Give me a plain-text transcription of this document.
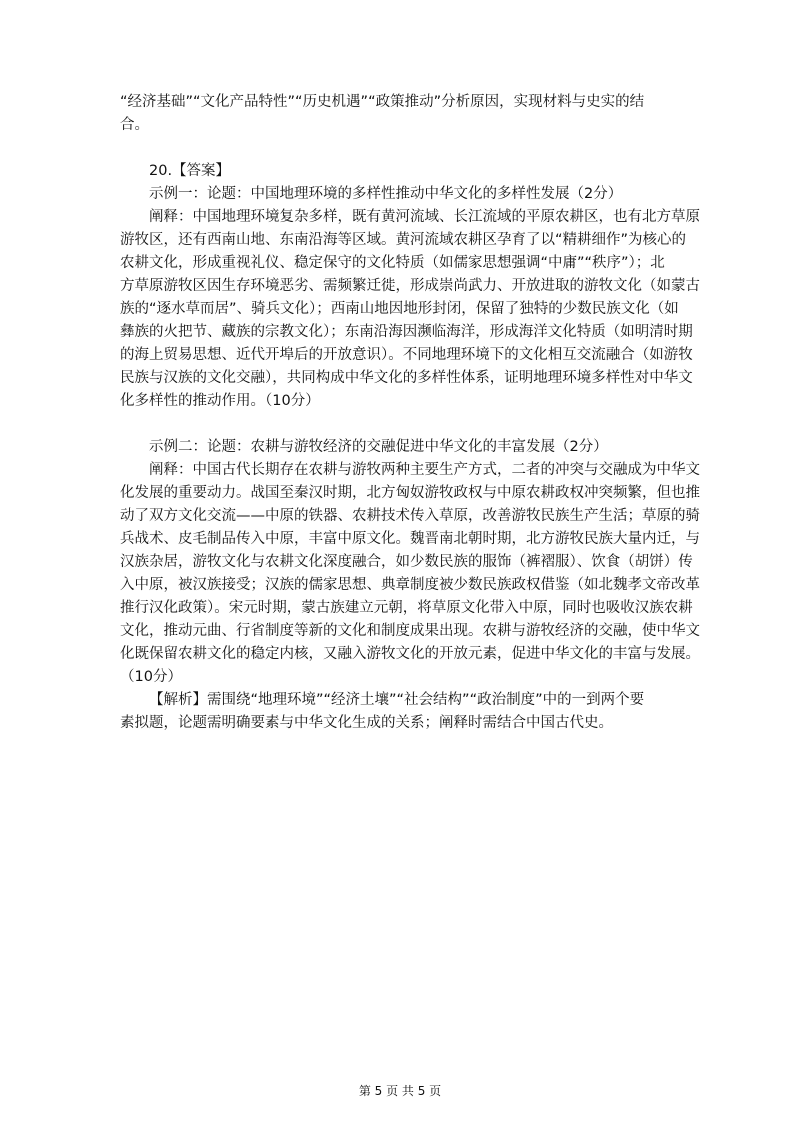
“经济基础”“文化产品特性”“历史机遇”“政策推动”分析原因，实现材料与史实的结
合。
20.【答案】
示例一：论题：中国地理环境的多样性推动中华文化的多样性发展（2分）
阐释：中国地理环境复杂多样，既有黄河流域、长江流域的平原农耕区，也有北方草原
游牧区，还有西南山地、东南沿海等区域。黄河流域农耕区孕育了以“精耕细作”为核心的
农耕文化，形成重视礼仪、稳定保守的文化特质（如儒家思想强调“中庸”“秩序”）；北
方草原游牧区因生存环境恶劣、需频繁迁徙，形成崇尚武力、开放进取的游牧文化（如蒙古
族的“逐水草而居”、骑兵文化）；西南山地因地形封闭，保留了独特的少数民族文化（如
彝族的火把节、藏族的宗教文化）；东南沿海因濒临海洋，形成海洋文化特质（如明清时期
的海上贸易思想、近代开埠后的开放意识）。不同地理环境下的文化相互交流融合（如游牧
民族与汉族的文化交融），共同构成中华文化的多样性体系，证明地理环境多样性对中华文
化多样性的推动作用。（10分）
示例二：论题：农耕与游牧经济的交融促进中华文化的丰富发展（2分）
阐释：中国古代长期存在农耕与游牧两种主要生产方式，二者的冲突与交融成为中华文
化发展的重要动力。战国至秦汉时期，北方匈奴游牧政权与中原农耕政权冲突频繁，但也推
动了双方文化交流——中原的铁器、农耕技术传入草原，改善游牧民族生产生活；草原的骑
兵战术、皮毛制品传入中原，丰富中原文化。魏晋南北朝时期，北方游牧民族大量内迁，与
汉族杂居，游牧文化与农耕文化深度融合，如少数民族的服饰（裤褶服）、饮食（胡饼）传
入中原，被汉族接受；汉族的儒家思想、典章制度被少数民族政权借鉴（如北魏孝文帝改革
推行汉化政策）。宋元时期，蒙古族建立元朝，将草原文化带入中原，同时也吸收汉族农耕
文化，推动元曲、行省制度等新的文化和制度成果出现。农耕与游牧经济的交融，使中华文
化既保留农耕文化的稳定内核，又融入游牧文化的开放元素，促进中华文化的丰富与发展。
（10分）
【解析】需围绕“地理环境”“经济土壤”“社会结构”“政治制度”中的一到两个要
素拟题，论题需明确要素与中华文化生成的关系；阐释时需结合中国古代史。
第 5 页 共 5 页
